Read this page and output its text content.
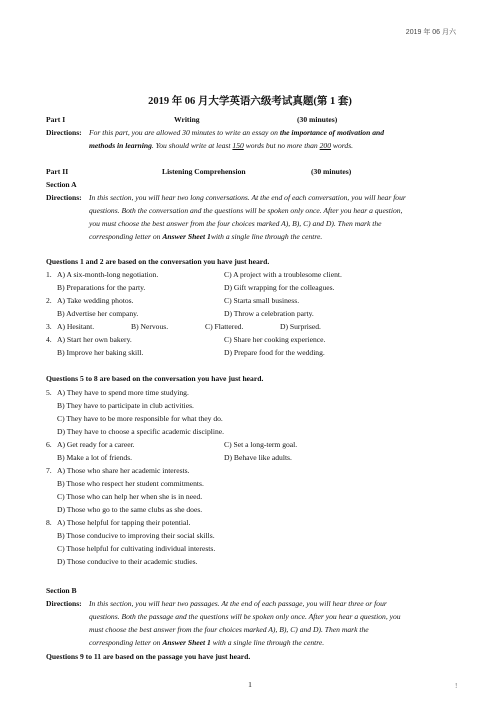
2019 年 06 月六
2019 年 06 月大学英语六级考试真题(第 1 套)
Part I	Writing	(30 minutes)
Directions: For this part, you are allowed 30 minutes to write an essay on the importance of motivation and
methods in learning. You should write at least 150 words but no more than 200 words.
Part II	Listening Comprehension	(30 minutes)
Section A
Directions: In this section, you will hear two long conversations. At the end of each conversation, you will hear four
questions. Both the conversation and the questions will be spoken only once. After you hear a question,
you must choose the best answer from the four choices marked A), B), C) and D). Then mark the
corresponding letter on Answer Sheet 1with a single line through the centre.
Questions 1 and 2 are based on the conversation you have just heard.
1. A) A six-month-long negotiation.	C) A project with a troublesome client.
B) Preparations for the party.	D) Gift wrapping for the colleagues.
2. A) Take wedding photos.	C) Starta small business.
B) Advertise her company.	D) Throw a celebration party.
3. A) Hesitant.	B) Nervous.	C) Flattered.	D) Surprised.
4. A) Start her own bakery.	C) Share her cooking experience.
B) Improve her baking skill.	D) Prepare food for the wedding.
Questions 5 to 8 are based on the conversation you have just heard.
5. A) They have to spend more time studying.
B) They have to participate in club activities.
C) They have to be more responsible for what they do.
D) They have to choose a specific academic discipline.
6. A) Get ready for a career.	C) Set a long-term goal.
B) Make a lot of friends.	D) Behave like adults.
7. A) Those who share her academic interests.
B) Those who respect her student commitments.
C) Those who can help her when she is in need.
D) Those who go to the same clubs as she does.
8. A) Those helpful for tapping their potential.
B) Those conducive to improving their social skills.
C) Those helpful for cultivating individual interests.
D) Those conducive to their academic studies.
Section B
Directions: In this section, you will hear two passages. At the end of each passage, you will hear three or four
questions. Both the passage and the questions will be spoken only once. After you hear a question, you
must choose the best answer from the four choices marked A), B), C) and D). Then mark the
corresponding letter on Answer Sheet 1 with a single line through the centre.
Questions 9 to 11 are based on the passage you have just heard.
1	!
